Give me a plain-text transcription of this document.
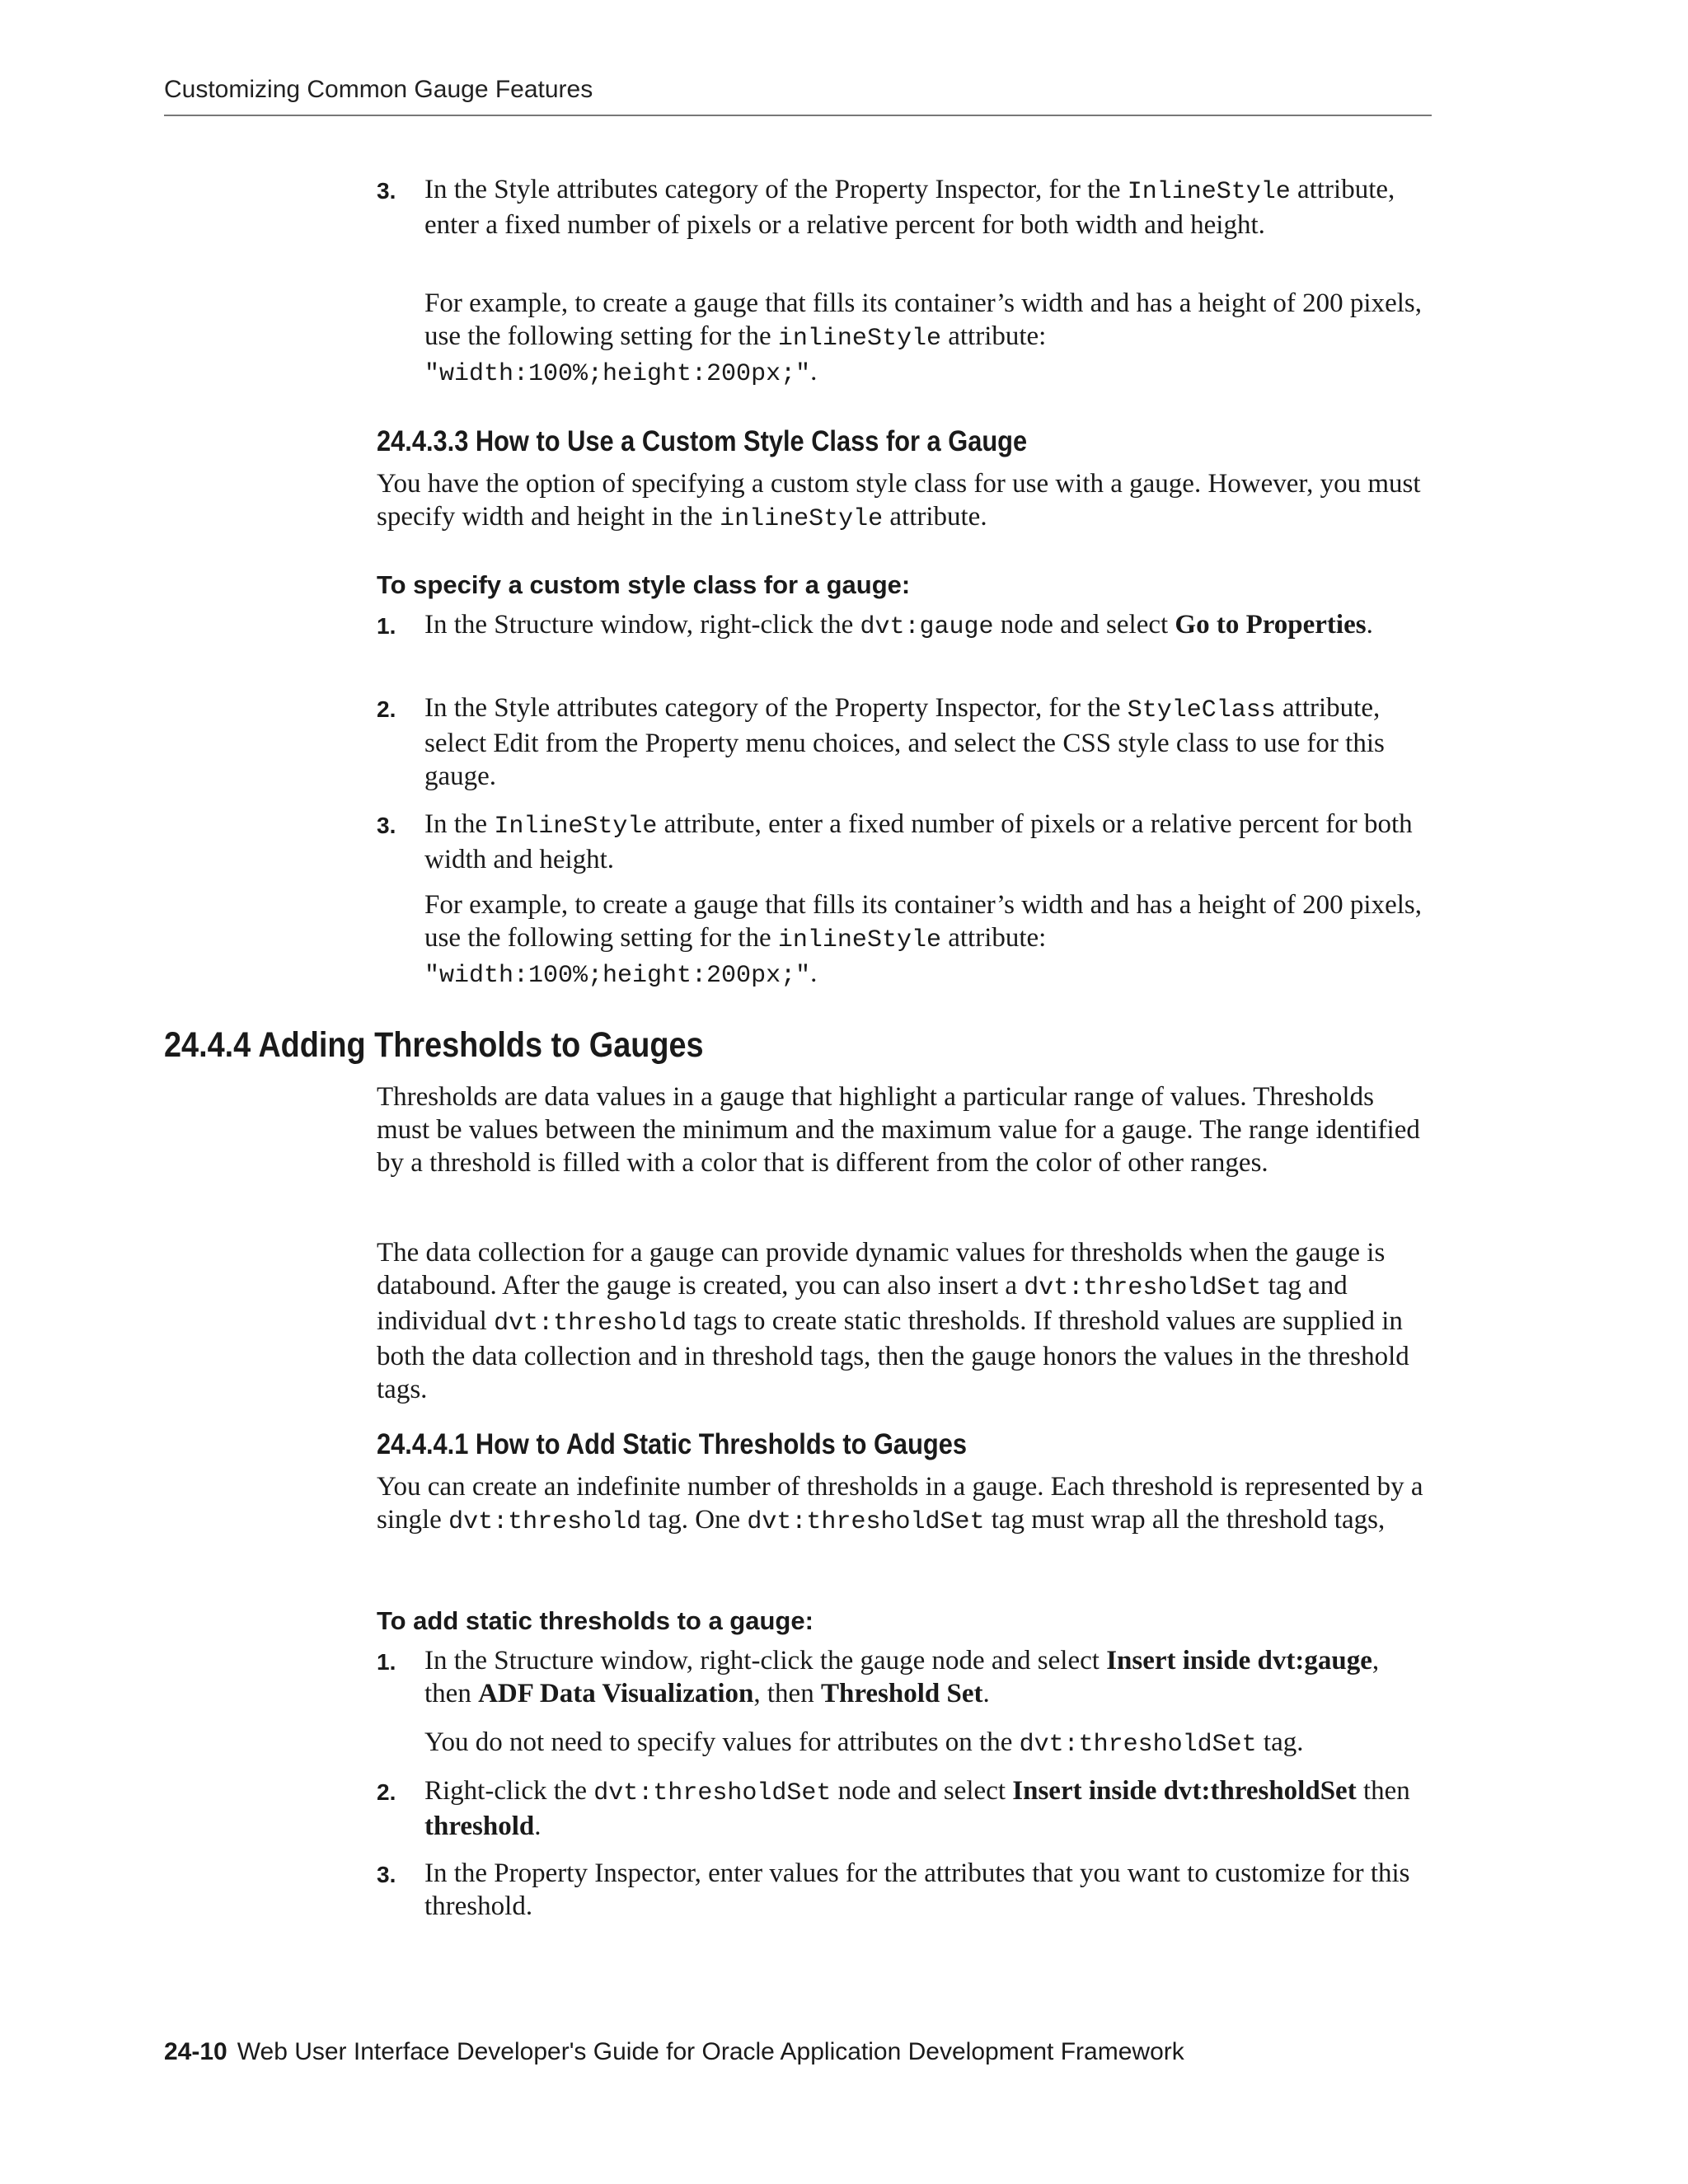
Customizing Common Gauge Features
3. In the Style attributes category of the Property Inspector, for the InlineStyle attribute, enter a fixed number of pixels or a relative percent for both width and height.
For example, to create a gauge that fills its container’s width and has a height of 200 pixels, use the following setting for the inlineStyle attribute: "width:100%;height:200px;".
24.4.3.3 How to Use a Custom Style Class for a Gauge
You have the option of specifying a custom style class for use with a gauge. However, you must specify width and height in the inlineStyle attribute.
To specify a custom style class for a gauge:
1. In the Structure window, right-click the dvt:gauge node and select Go to Properties.
2. In the Style attributes category of the Property Inspector, for the StyleClass attribute, select Edit from the Property menu choices, and select the CSS style class to use for this gauge.
3. In the InlineStyle attribute, enter a fixed number of pixels or a relative percent for both width and height.
For example, to create a gauge that fills its container’s width and has a height of 200 pixels, use the following setting for the inlineStyle attribute: "width:100%;height:200px;".
24.4.4 Adding Thresholds to Gauges
Thresholds are data values in a gauge that highlight a particular range of values. Thresholds must be values between the minimum and the maximum value for a gauge. The range identified by a threshold is filled with a color that is different from the color of other ranges.
The data collection for a gauge can provide dynamic values for thresholds when the gauge is databound. After the gauge is created, you can also insert a dvt:thresholdSet tag and individual dvt:threshold tags to create static thresholds. If threshold values are supplied in both the data collection and in threshold tags, then the gauge honors the values in the threshold tags.
24.4.4.1 How to Add Static Thresholds to Gauges
You can create an indefinite number of thresholds in a gauge. Each threshold is represented by a single dvt:threshold tag. One dvt:thresholdSet tag must wrap all the threshold tags,
To add static thresholds to a gauge:
1. In the Structure window, right-click the gauge node and select Insert inside dvt:gauge, then ADF Data Visualization, then Threshold Set.
You do not need to specify values for attributes on the dvt:thresholdSet tag.
2. Right-click the dvt:thresholdSet node and select Insert inside dvt:thresholdSet then threshold.
3. In the Property Inspector, enter values for the attributes that you want to customize for this threshold.
24-10 Web User Interface Developer's Guide for Oracle Application Development Framework
